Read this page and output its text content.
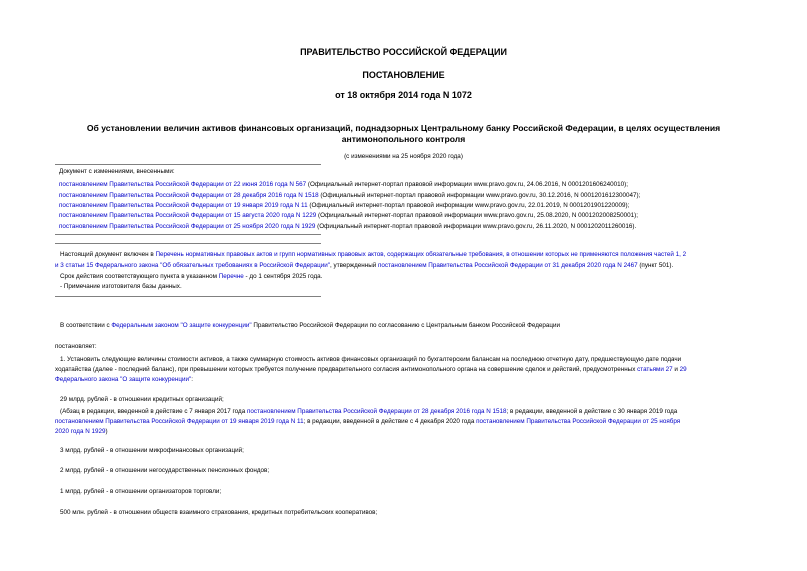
ПРАВИТЕЛЬСТВО РОССИЙСКОЙ ФЕДЕРАЦИИ
ПОСТАНОВЛЕНИЕ
от 18 октября 2014 года N 1072
Об установлении величин активов финансовых организаций, поднадзорных Центральному банку Российской Федерации, в целях осуществления
антимонопольного контроля
(с изменениями на 25 ноября 2020 года)
Документ с изменениями, внесенными:
постановлением Правительства Российской Федерации от 22 июня 2016 года N 567 (Официальный интернет-портал правовой информации www.pravo.gov.ru, 24.06.2016, N 0001201606240010);
постановлением Правительства Российской Федерации от 28 декабря 2016 года N 1518 (Официальный интернет-портал правовой информации www.pravo.gov.ru, 30.12.2016, N 0001201612300047);
постановлением Правительства Российской Федерации от 19 января 2019 года N 11 (Официальный интернет-портал правовой информации www.pravo.gov.ru, 22.01.2019, N 0001201901220009);
постановлением Правительства Российской Федерации от 15 августа 2020 года N 1229 (Официальный интернет-портал правовой информации www.pravo.gov.ru, 25.08.2020, N 0001202008250001);
постановлением Правительства Российской Федерации от 25 ноября 2020 года N 1929 (Официальный интернет-портал правовой информации www.pravo.gov.ru, 26.11.2020, N 0001202011260016).
Настоящий документ включен в Перечень нормативных правовых актов и групп нормативных правовых актов, содержащих обязательные требования, в отношении которых не применяются положения частей 1, 2
и 3 статьи 15 Федерального закона "Об обязательных требованиях в Российской Федерации", утвержденный постановлением Правительства Российской Федерации от 31 декабря 2020 года N 2467 (пункт 501).
Срок действия соответствующего пункта в указанном Перечне - до 1 сентября 2025 года.
- Примечание изготовителя базы данных.
В соответствии с Федеральным законом "О защите конкуренции" Правительство Российской Федерации по согласованию с Центральным банком Российской Федерации
постановляет:
1. Установить следующие величины стоимости активов, а также суммарную стоимость активов финансовых организаций по бухгалтерским балансам на последнюю отчетную дату, предшествующую дате подачи
ходатайства (далее - последний баланс), при превышении которых требуется получение предварительного согласия антимонопольного органа на совершение сделок и действий, предусмотренных статьями 27 и 29
Федерального закона "О защите конкуренции":
29 млрд. рублей - в отношении кредитных организаций;
(Абзац в редакции, введенной в действие с 7 января 2017 года постановлением Правительства Российской Федерации от 28 декабря 2016 года N 1518; в редакции, введенной в действие с 30 января 2019 года
постановлением Правительства Российской Федерации от 19 января 2019 года N 11; в редакции, введенной в действие с 4 декабря 2020 года постановлением Правительства Российской Федерации от 25 ноября
2020 года N 1929)
3 млрд. рублей - в отношении микрофинансовых организаций;
2 млрд. рублей - в отношении негосударственных пенсионных фондов;
1 млрд. рублей - в отношении организаторов торговли;
500 млн. рублей - в отношении обществ взаимного страхования, кредитных потребительских кооперативов;
